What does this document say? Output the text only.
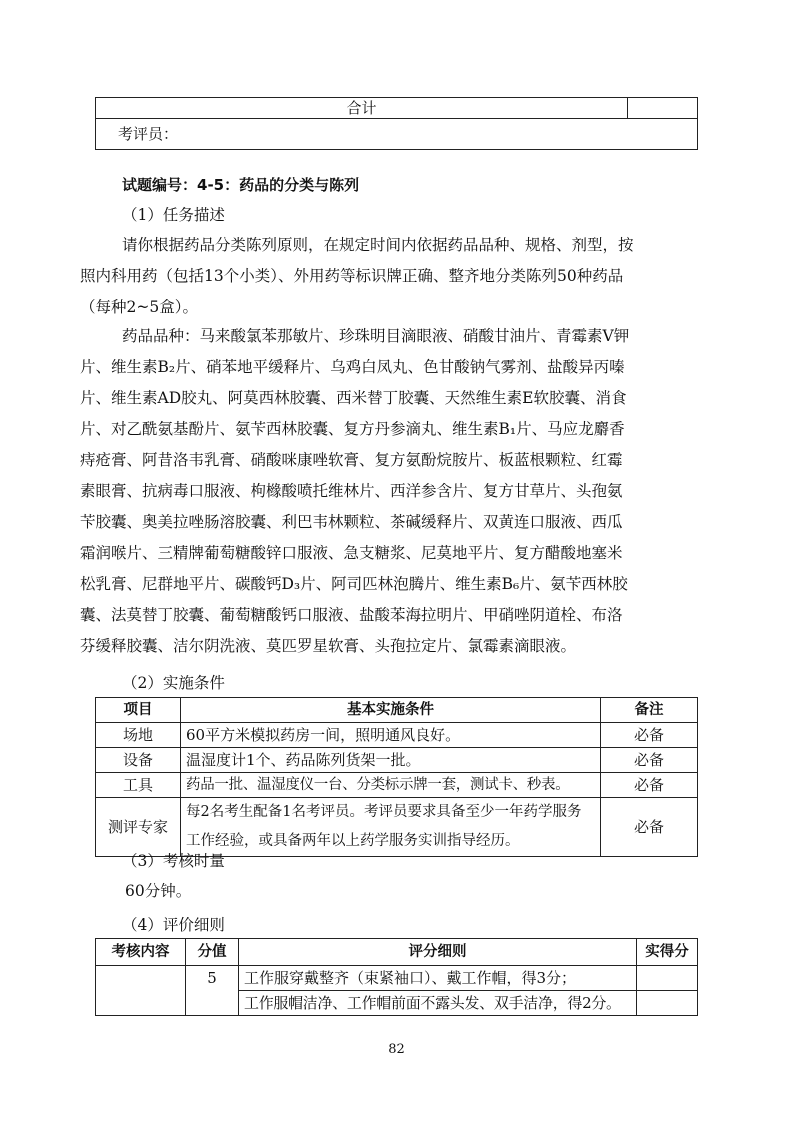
合计	
考评员：
试题编号：4-5：药品的分类与陈列
（1）任务描述
请你根据药品分类陈列原则，在规定时间内依据药品品种、规格、剂型，按
照内科用药（包括13个小类）、外用药等标识牌正确、整齐地分类陈列50种药品
（每种2~5盒）。
药品品种：马来酸氯苯那敏片、珍珠明目滴眼液、硝酸甘油片、青霉素V钾
片、维生素B₂片、硝苯地平缓释片、乌鸡白凤丸、色甘酸钠气雾剂、盐酸异丙嗪
片、维生素AD胶丸、阿莫西林胶囊、西米替丁胶囊、天然维生素E软胶囊、消食
片、对乙酰氨基酚片、氨苄西林胶囊、复方丹参滴丸、维生素B₁片、马应龙麝香
痔疮膏、阿昔洛韦乳膏、硝酸咪康唑软膏、复方氨酚烷胺片、板蓝根颗粒、红霉
素眼膏、抗病毒口服液、枸橼酸喷托维林片、西洋参含片、复方甘草片、头孢氨
苄胶囊、奥美拉唑肠溶胶囊、利巴韦林颗粒、茶碱缓释片、双黄连口服液、西瓜
霜润喉片、三精牌葡萄糖酸锌口服液、急支糖浆、尼莫地平片、复方醋酸地塞米
松乳膏、尼群地平片、碳酸钙D₃片、阿司匹林泡腾片、维生素B₆片、氨苄西林胶
囊、法莫替丁胶囊、葡萄糖酸钙口服液、盐酸苯海拉明片、甲硝唑阴道栓、布洛
芬缓释胶囊、洁尔阴洗液、莫匹罗星软膏、头孢拉定片、氯霉素滴眼液。
（2）实施条件
项目	基本实施条件	备注
场地	60平方米模拟药房一间，照明通风良好。	必备
设备	温湿度计1个、药品陈列货架一批。	必备
工具	药品一批、温湿度仪一台、分类标示牌一套，测试卡、秒表。	必备
测评专家	每2名考生配备1名考评员。考评员要求具备至少一年药学服务工作经验，或具备两年以上药学服务实训指导经历。	必备
（3）考核时量
60分钟。
（4）评价细则
考核内容	分值	评分细则	实得分
	5	工作服穿戴整齐（束紧袖口）、戴工作帽，得3分；	
		工作服帽洁净、工作帽前面不露头发、双手洁净，得2分。	
82
